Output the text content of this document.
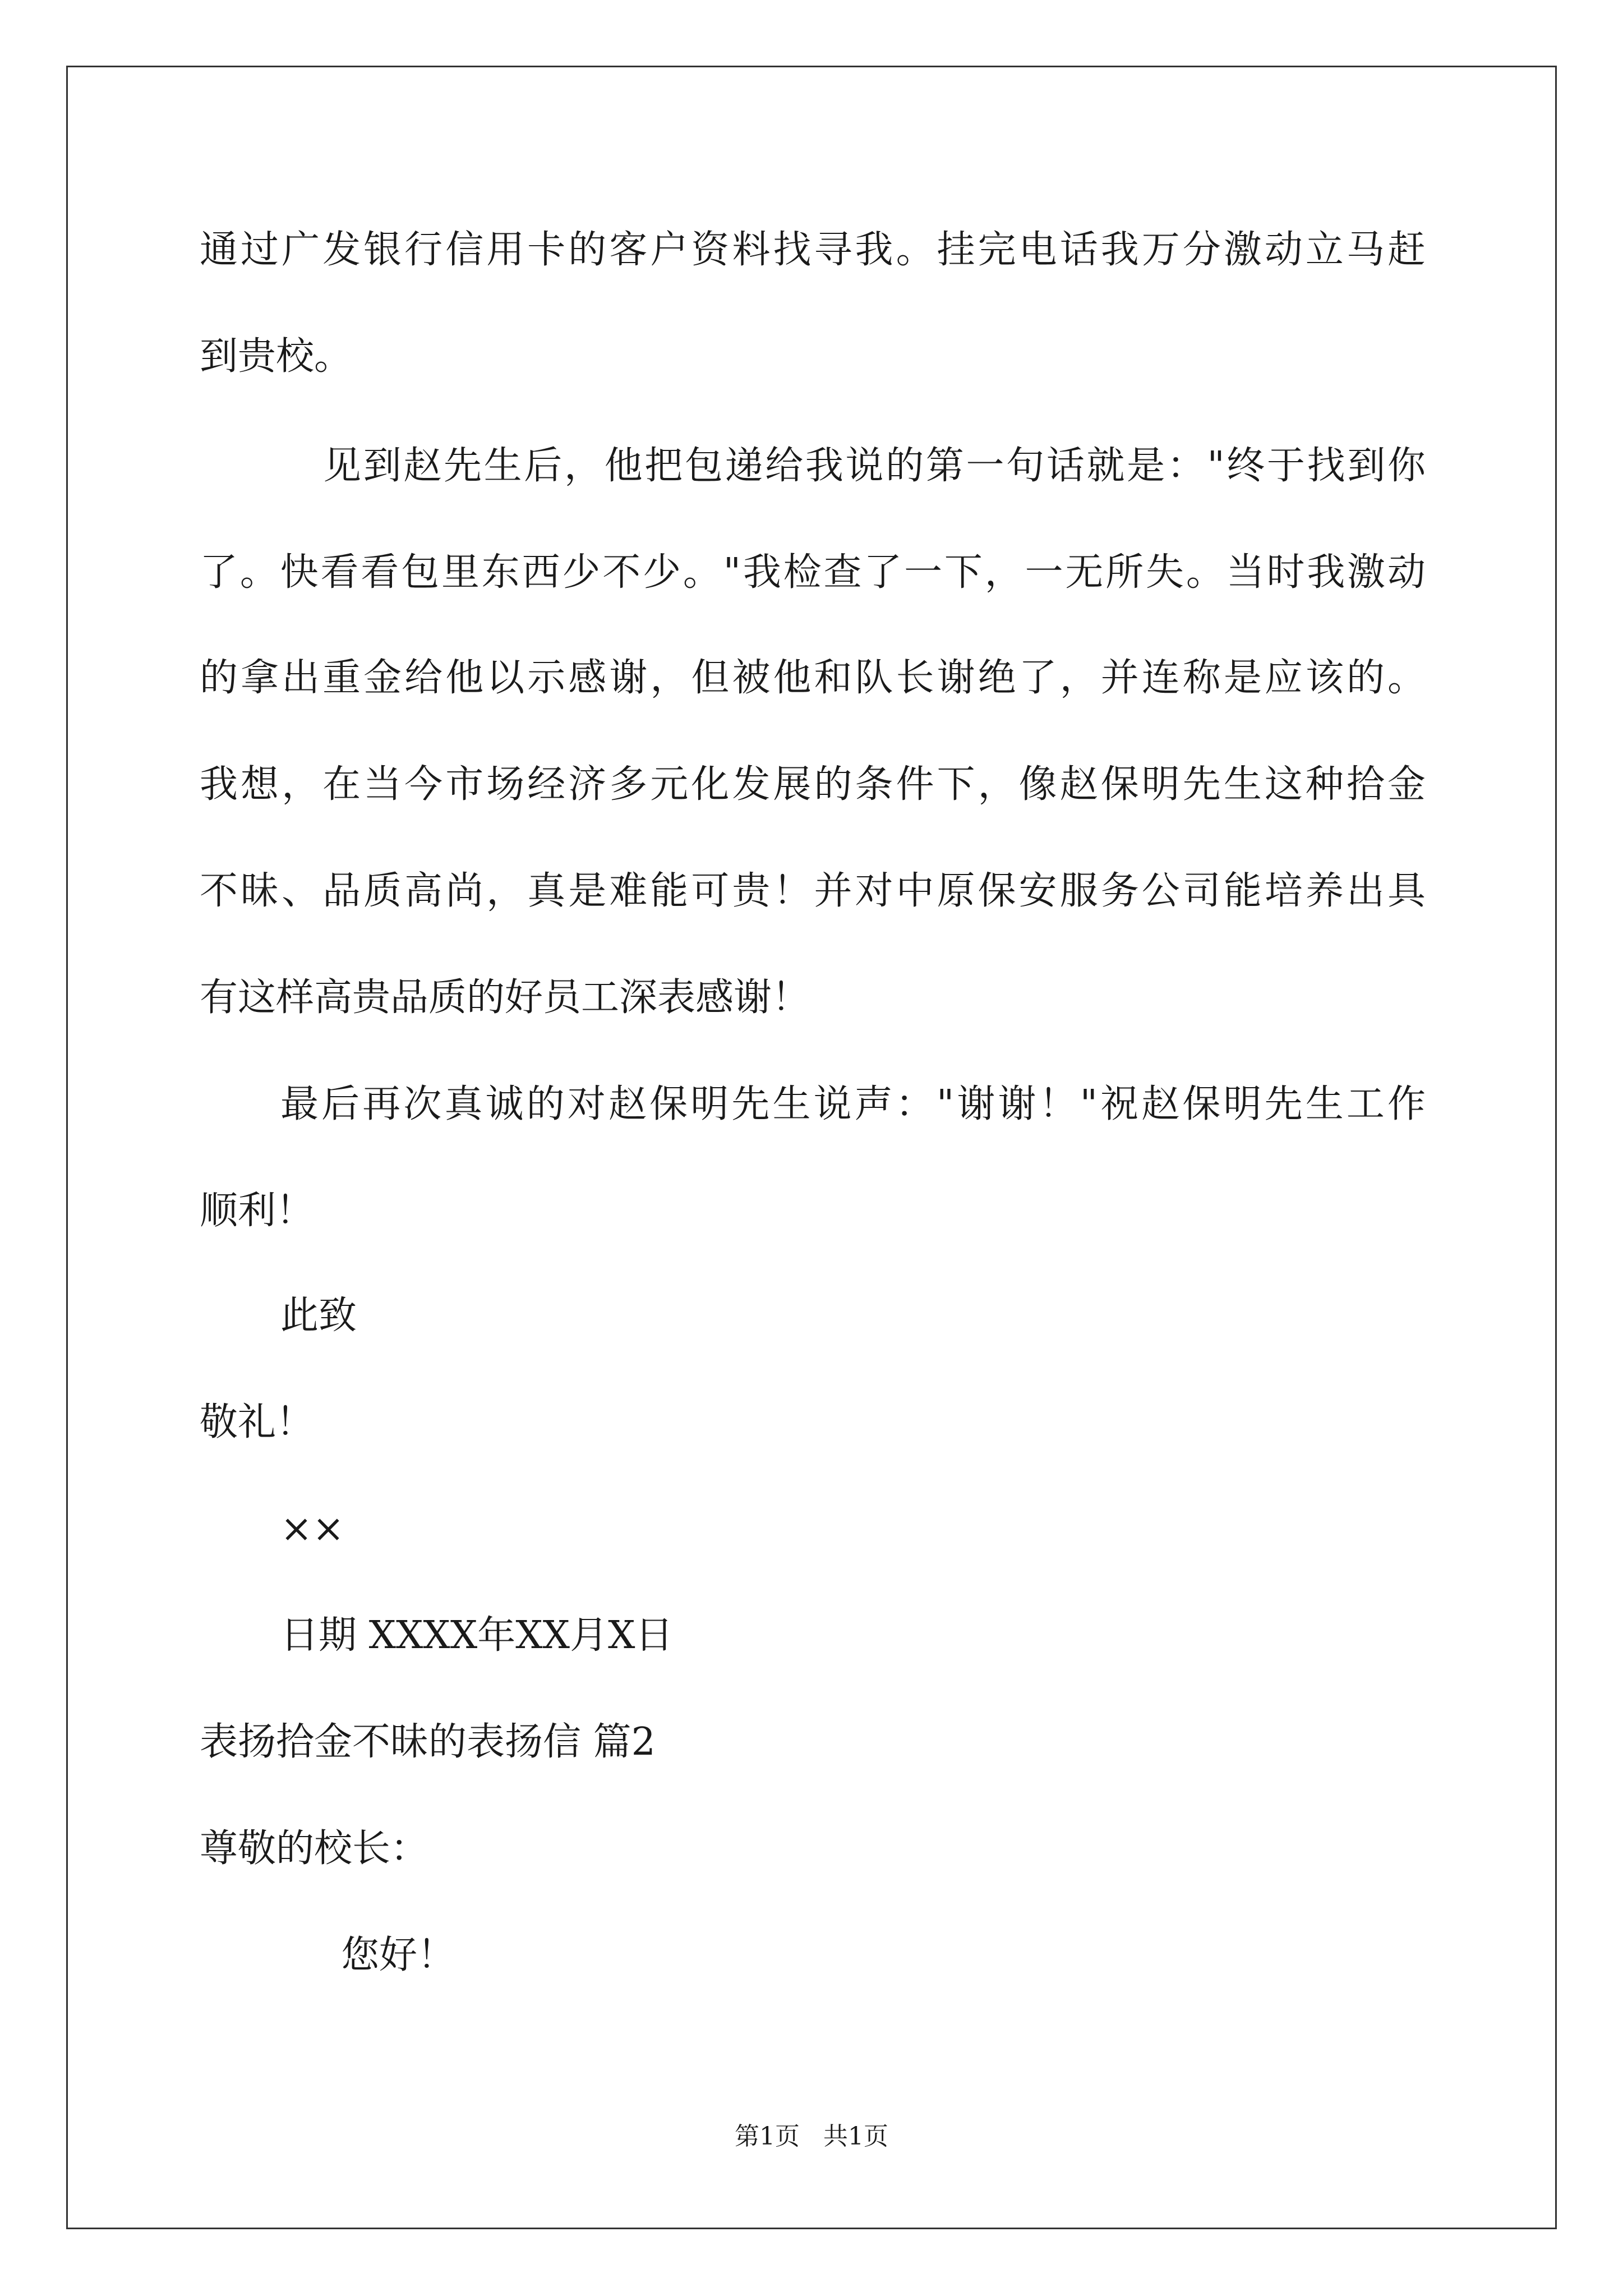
通过广发银行信用卡的客户资料找寻我。挂完电话我万分激动立马赶
到贵校。
见到赵先生后，他把包递给我说的第一句话就是："终于找到你
了。快看看包里东西少不少。"我检查了一下，一无所失。当时我激动
的拿出重金给他以示感谢，但被他和队长谢绝了，并连称是应该的。
我想，在当今市场经济多元化发展的条件下，像赵保明先生这种拾金
不昧、品质高尚，真是难能可贵！并对中原保安服务公司能培养出具
有这样高贵品质的好员工深表感谢！
最后再次真诚的对赵保明先生说声："谢谢！"祝赵保明先生工作
顺利！
此致
敬礼！
××
日期 XXXX年XX月X日
表扬拾金不昧的表扬信 篇2
尊敬的校长：
您好！
第1页   共1页
